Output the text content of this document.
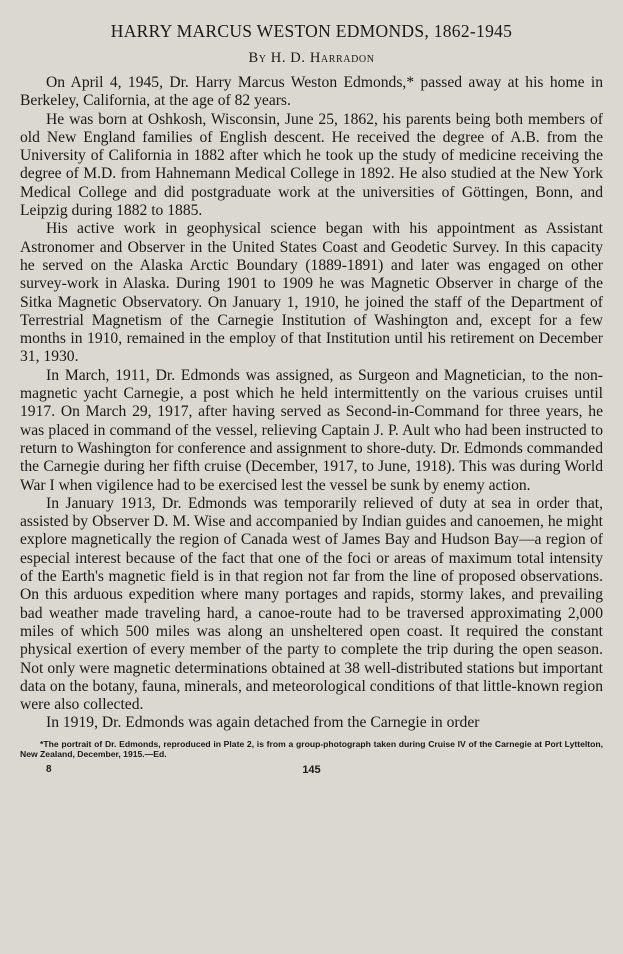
HARRY MARCUS WESTON EDMONDS, 1862-1945
By H. D. Harradon

On April 4, 1945, Dr. Harry Marcus Weston Edmonds,* passed away at his home in Berkeley, California, at the age of 82 years.

He was born at Oshkosh, Wisconsin, June 25, 1862, his parents being both members of old New England families of English descent. He received the degree of A.B. from the University of California in 1882 after which he took up the study of medicine receiving the degree of M.D. from Hahnemann Medical College in 1892. He also studied at the New York Medical College and did postgraduate work at the universities of Göttingen, Bonn, and Leipzig during 1882 to 1885.

His active work in geophysical science began with his appointment as Assistant Astronomer and Observer in the United States Coast and Geodetic Survey. In this capacity he served on the Alaska Arctic Boundary (1889-1891) and later was engaged on other survey-work in Alaska. During 1901 to 1909 he was Magnetic Observer in charge of the Sitka Magnetic Observatory. On January 1, 1910, he joined the staff of the Department of Terrestrial Magnetism of the Carnegie Institution of Washington and, except for a few months in 1910, remained in the employ of that Institution until his retirement on December 31, 1930.

In March, 1911, Dr. Edmonds was assigned, as Surgeon and Magnetician, to the non-magnetic yacht Carnegie, a post which he held intermittently on the various cruises until 1917. On March 29, 1917, after having served as Second-in-Command for three years, he was placed in command of the vessel, relieving Captain J. P. Ault who had been instructed to return to Washington for conference and assignment to shore-duty. Dr. Edmonds commanded the Carnegie during her fifth cruise (December, 1917, to June, 1918). This was during World War I when vigilence had to be exercised lest the vessel be sunk by enemy action.

In January 1913, Dr. Edmonds was temporarily relieved of duty at sea in order that, assisted by Observer D. M. Wise and accompanied by Indian guides and canoemen, he might explore magnetically the region of Canada west of James Bay and Hudson Bay—a region of especial interest because of the fact that one of the foci or areas of maximum total intensity of the Earth's magnetic field is in that region not far from the line of proposed observations. On this arduous expedition where many portages and rapids, stormy lakes, and prevailing bad weather made traveling hard, a canoe-route had to be traversed approximating 2,000 miles of which 500 miles was along an unsheltered open coast. It required the constant physical exertion of every member of the party to complete the trip during the open season. Not only were magnetic determinations obtained at 38 well-distributed stations but important data on the botany, fauna, minerals, and meteorological conditions of that little-known region were also collected.

In 1919, Dr. Edmonds was again detached from the Carnegie in order

*The portrait of Dr. Edmonds, reproduced in Plate 2, is from a group-photograph taken during Cruise IV of the Carnegie at Port Lyttelton, New Zealand, December, 1915.—Ed.
8	145
